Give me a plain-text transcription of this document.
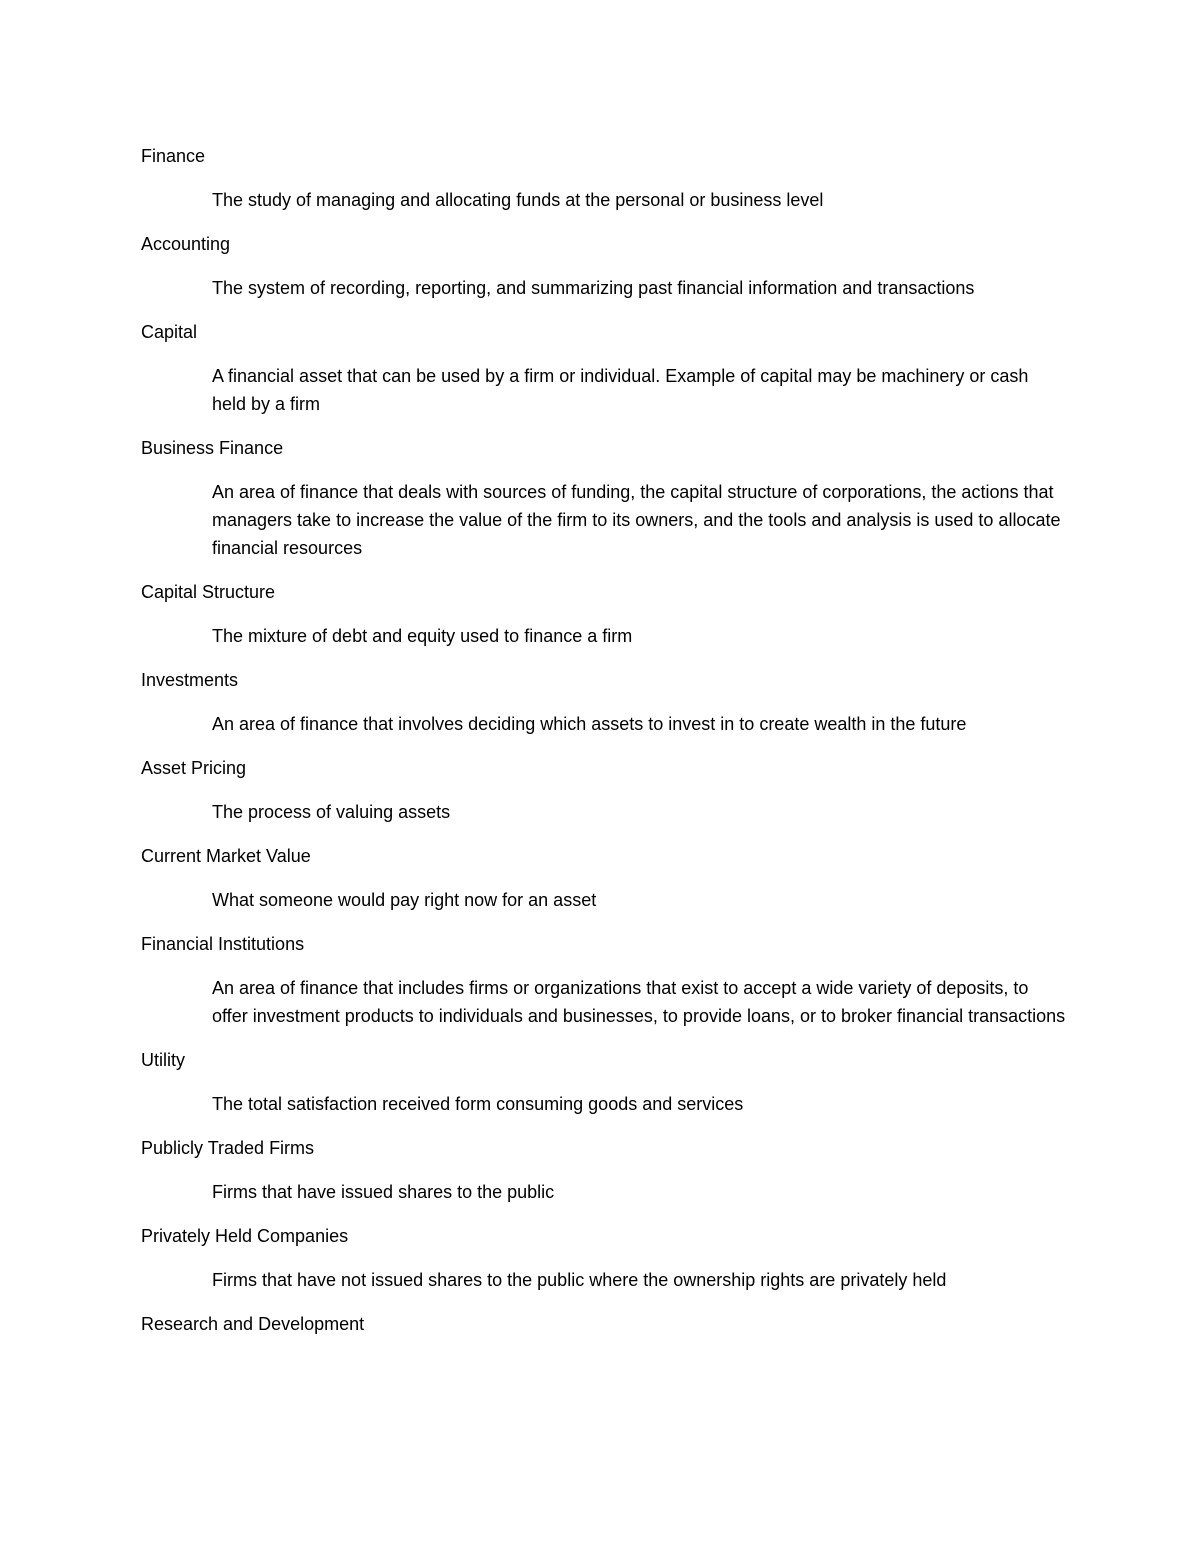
Finance

The study of managing and allocating funds at the personal or business level

Accounting

The system of recording, reporting, and summarizing past financial information and transactions

Capital

A financial asset that can be used by a firm or individual. Example of capital may be machinery or cash held by a firm

Business Finance

An area of finance that deals with sources of funding, the capital structure of corporations, the actions that managers take to increase the value of the firm to its owners, and the tools and analysis is used to allocate financial resources

Capital Structure

The mixture of debt and equity used to finance a firm

Investments

An area of finance that involves deciding which assets to invest in to create wealth in the future

Asset Pricing

The process of valuing assets

Current Market Value

What someone would pay right now for an asset

Financial Institutions

An area of finance that includes firms or organizations that exist to accept a wide variety of deposits, to offer investment products to individuals and businesses, to provide loans, or to broker financial transactions

Utility

The total satisfaction received form consuming goods and services

Publicly Traded Firms

Firms that have issued shares to the public

Privately Held Companies

Firms that have not issued shares to the public where the ownership rights are privately held

Research and Development
